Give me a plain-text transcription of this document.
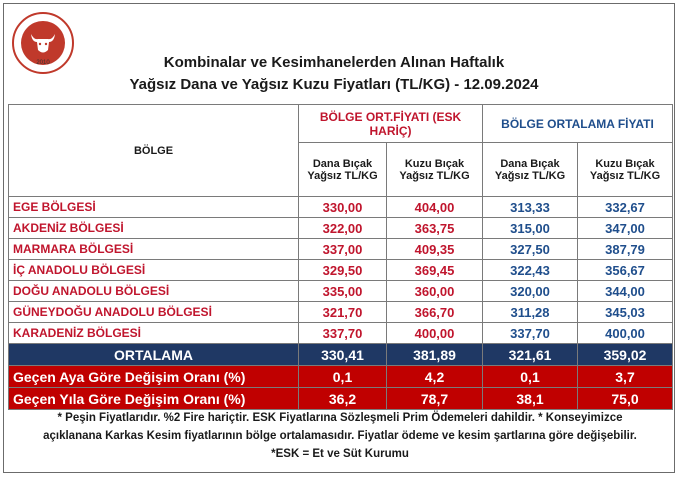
2010	Kombinalar ve Kesimhanelerden Alınan Haftalık
Yağsız Dana ve Yağsız Kuzu Fiyatları (TL/KG) - 12.09.2024
BÖLGE	BÖLGE ORT.FİYATI (ESK HARİÇ)		BÖLGE ORTALAMA FİYATI	
	Dana Bıçak Yağsız TL/KG	Kuzu Bıçak Yağsız TL/KG	Dana Bıçak Yağsız TL/KG	Kuzu Bıçak Yağsız TL/KG
EGE BÖLGESİ	330,00	404,00	313,33	332,67
AKDENİZ BÖLGESİ	322,00	363,75	315,00	347,00
MARMARA BÖLGESİ	337,00	409,35	327,50	387,79
İÇ ANADOLU BÖLGESİ	329,50	369,45	322,43	356,67
DOĞU ANADOLU BÖLGESİ	335,00	360,00	320,00	344,00
GÜNEYDOĞU ANADOLU BÖLGESİ	321,70	366,70	311,28	345,03
KARADENİZ BÖLGESİ	337,70	400,00	337,70	400,00
ORTALAMA	330,41	381,89	321,61	359,02
Geçen Aya Göre Değişim Oranı (%)	0,1	4,2	0,1	3,7
Geçen Yıla Göre Değişim Oranı (%)	36,2	78,7	38,1	75,0
* Peşin Fiyatlarıdır. %2 Fire hariçtir. ESK Fiyatlarına Sözleşmeli Prim Ödemeleri dahildir. * Konseyimizce
açıklanana Karkas Kesim fiyatlarının bölge ortalamasıdır. Fiyatlar ödeme ve kesim şartlarına göre değişebilir.
*ESK = Et ve Süt Kurumu
